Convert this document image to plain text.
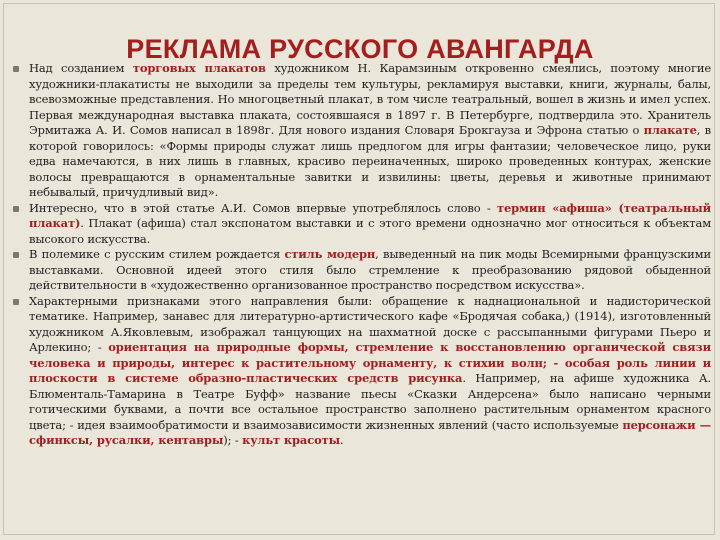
РЕКЛАМА РУССКОГО АВАНГАРДА
Над созданием торговых плакатов художником Н. Карамзиным откровенно смеялись, поэтому многие художники-плакатисты не выходили за пределы тем культуры, рекламируя выставки, книги, журналы, балы, всевозможные представления. Но многоцветный плакат, в том числе театральный, вошел в жизнь и имел успех. Первая международная выставка плаката, состоявшаяся в 1897 г. В Петербурге, подтвердила это. Хранитель Эрмитажа А. И. Сомов написал в 1898г. Для нового издания Словаря Брокгауза и Эфрона статью о плакате, в которой говорилось: «Формы природы служат лишь предлогом для игры фантазии; человеческое лицо, руки едва намечаются, в них лишь в главных, красиво переиначенных, широко проведенных контурах, женские волосы превращаются в орнаментальные завитки и извилины: цветы, деревья и животные принимают небывалый, причудливый вид».
Интересно, что в этой статье А.И. Сомов впервые употреблялось слово - термин «афиша» (театральный плакат). Плакат (афиша) стал экспонатом выставки и с этого времени однозначно мог относиться к объектам высокого искусства.
В полемике с русским стилем рождается стиль модерн, выведенный на пик моды Всемирными французскими выставками. Основной идеей этого стиля было стремление к преобразованию рядовой обыденной действительности в «художественно организованное пространство посредством искусства».
Характерными признаками этого направления были: обращение к наднациональной и надисторической тематике. Например, занавес для литературно-артистического кафе «Бродячая собака,) (1914), изготовленный художником А.Яковлевым, изображал танцующих на шахматной доске с рассыпанными фигурами Пьеро и Арлекино; - ориентация на природные формы, стремление к восстановлению органической связи человека и природы, интерес к растительному орнаменту, к стихии волн; - особая роль линии и плоскости в системе образно-пластических средств рисунка. Например, на афише художника А. Блюменталь-Тамарина в Театре Буфф» название пьесы «Сказки Андерсена» было написано черными готическими буквами, а почти все остальное пространство заполнено растительным орнаментом красного цвета; - идея взаимообратимости и взаимозависимости жизненных явлений (часто используемые персонажи — сфинксы, русалки, кентавры); - культ красоты.
